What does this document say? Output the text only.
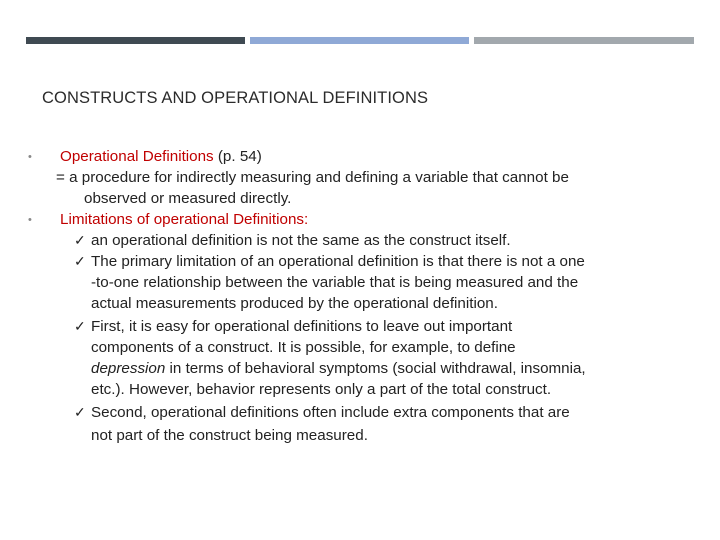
CONSTRUCTS AND OPERATIONAL DEFINITIONS
• Operational Definitions (p. 54)
= a procedure for indirectly measuring and defining a variable that cannot be
observed or measured directly.
• Limitations of operational Definitions:
✓ an operational definition is not the same as the construct itself.
✓ The primary limitation of an operational definition is that there is not a one
-to-one relationship between the variable that is being measured and the
actual measurements produced by the operational definition.
✓ First, it is easy for operational definitions to leave out important
components of a construct. It is possible, for example, to define
depression in terms of behavioral symptoms (social withdrawal, insomnia,
etc.). However, behavior represents only a part of the total construct.
✓ Second, operational definitions often include extra components that are
not part of the construct being measured.
